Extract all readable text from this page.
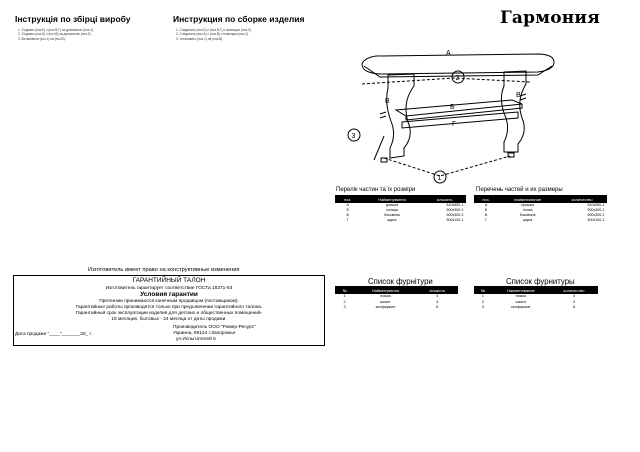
Інструкція по збірці виробу
1. З'єднати (поз.Б) з (поз.В,Г) за допомогою (поз.2).
2. З'єднати (поз.А) з (поз.В) за допомогою (поз.2).
3. Встановити (поз.1) на (поз.В).
Инструкция по сборке изделия
1. Соединить (поз.Б) с (поз.В,Г) с помощью (поз.2).
2. Соединить (поз.А) с (поз.В) с помощью (поз.2).
3. Установить (поз.1) на (поз.В).
Гармония
А
Б
В
В
Г
2
3
1
Перелік частин та їх розміри
поз.	Найменування	кількість
А	кришка	610х550-1
Б	полиця	500х300-1
В	боковина	500х300-2
Г	царга	500х100-1
Перечень частей и их размеры
поз.	наименование	количество
А	крышка	610х550-1
Б	полка	500х300-1
В	боковина	500х300-2
Г	царга	500х100-1
Изготовитель имеет право на конструктивные изменения
ГАРАНТИЙНЫЙ ТАЛОН
Изготовитель гарантирует соответствие ГОСТа 16371-93
Условия гарантии
Претензии принимаются конечным продавцом (поставщиком).
Гарантийные работы производятся только при предъявлении гарантийного талона.
Гарантийный срок эксплуатации изделия для детских и общественных помещений-
18 месяцев, бытовых - 24 месяца от даты продажи.
Производитель ООО "Ромер-Ресурс"
Украина, 69124 г.Запорожье
ул.Испытателей 5
Дата продажи "____"_______20_ г.
Список фурнітури
№	Найменування	кількість
1	ножка	4
2	шкант	4
3	конфирмат	6
Список фурнитуры
№	Наименование	количество
1	ножка	4
2	шкант	4
3	конфирмат	6
